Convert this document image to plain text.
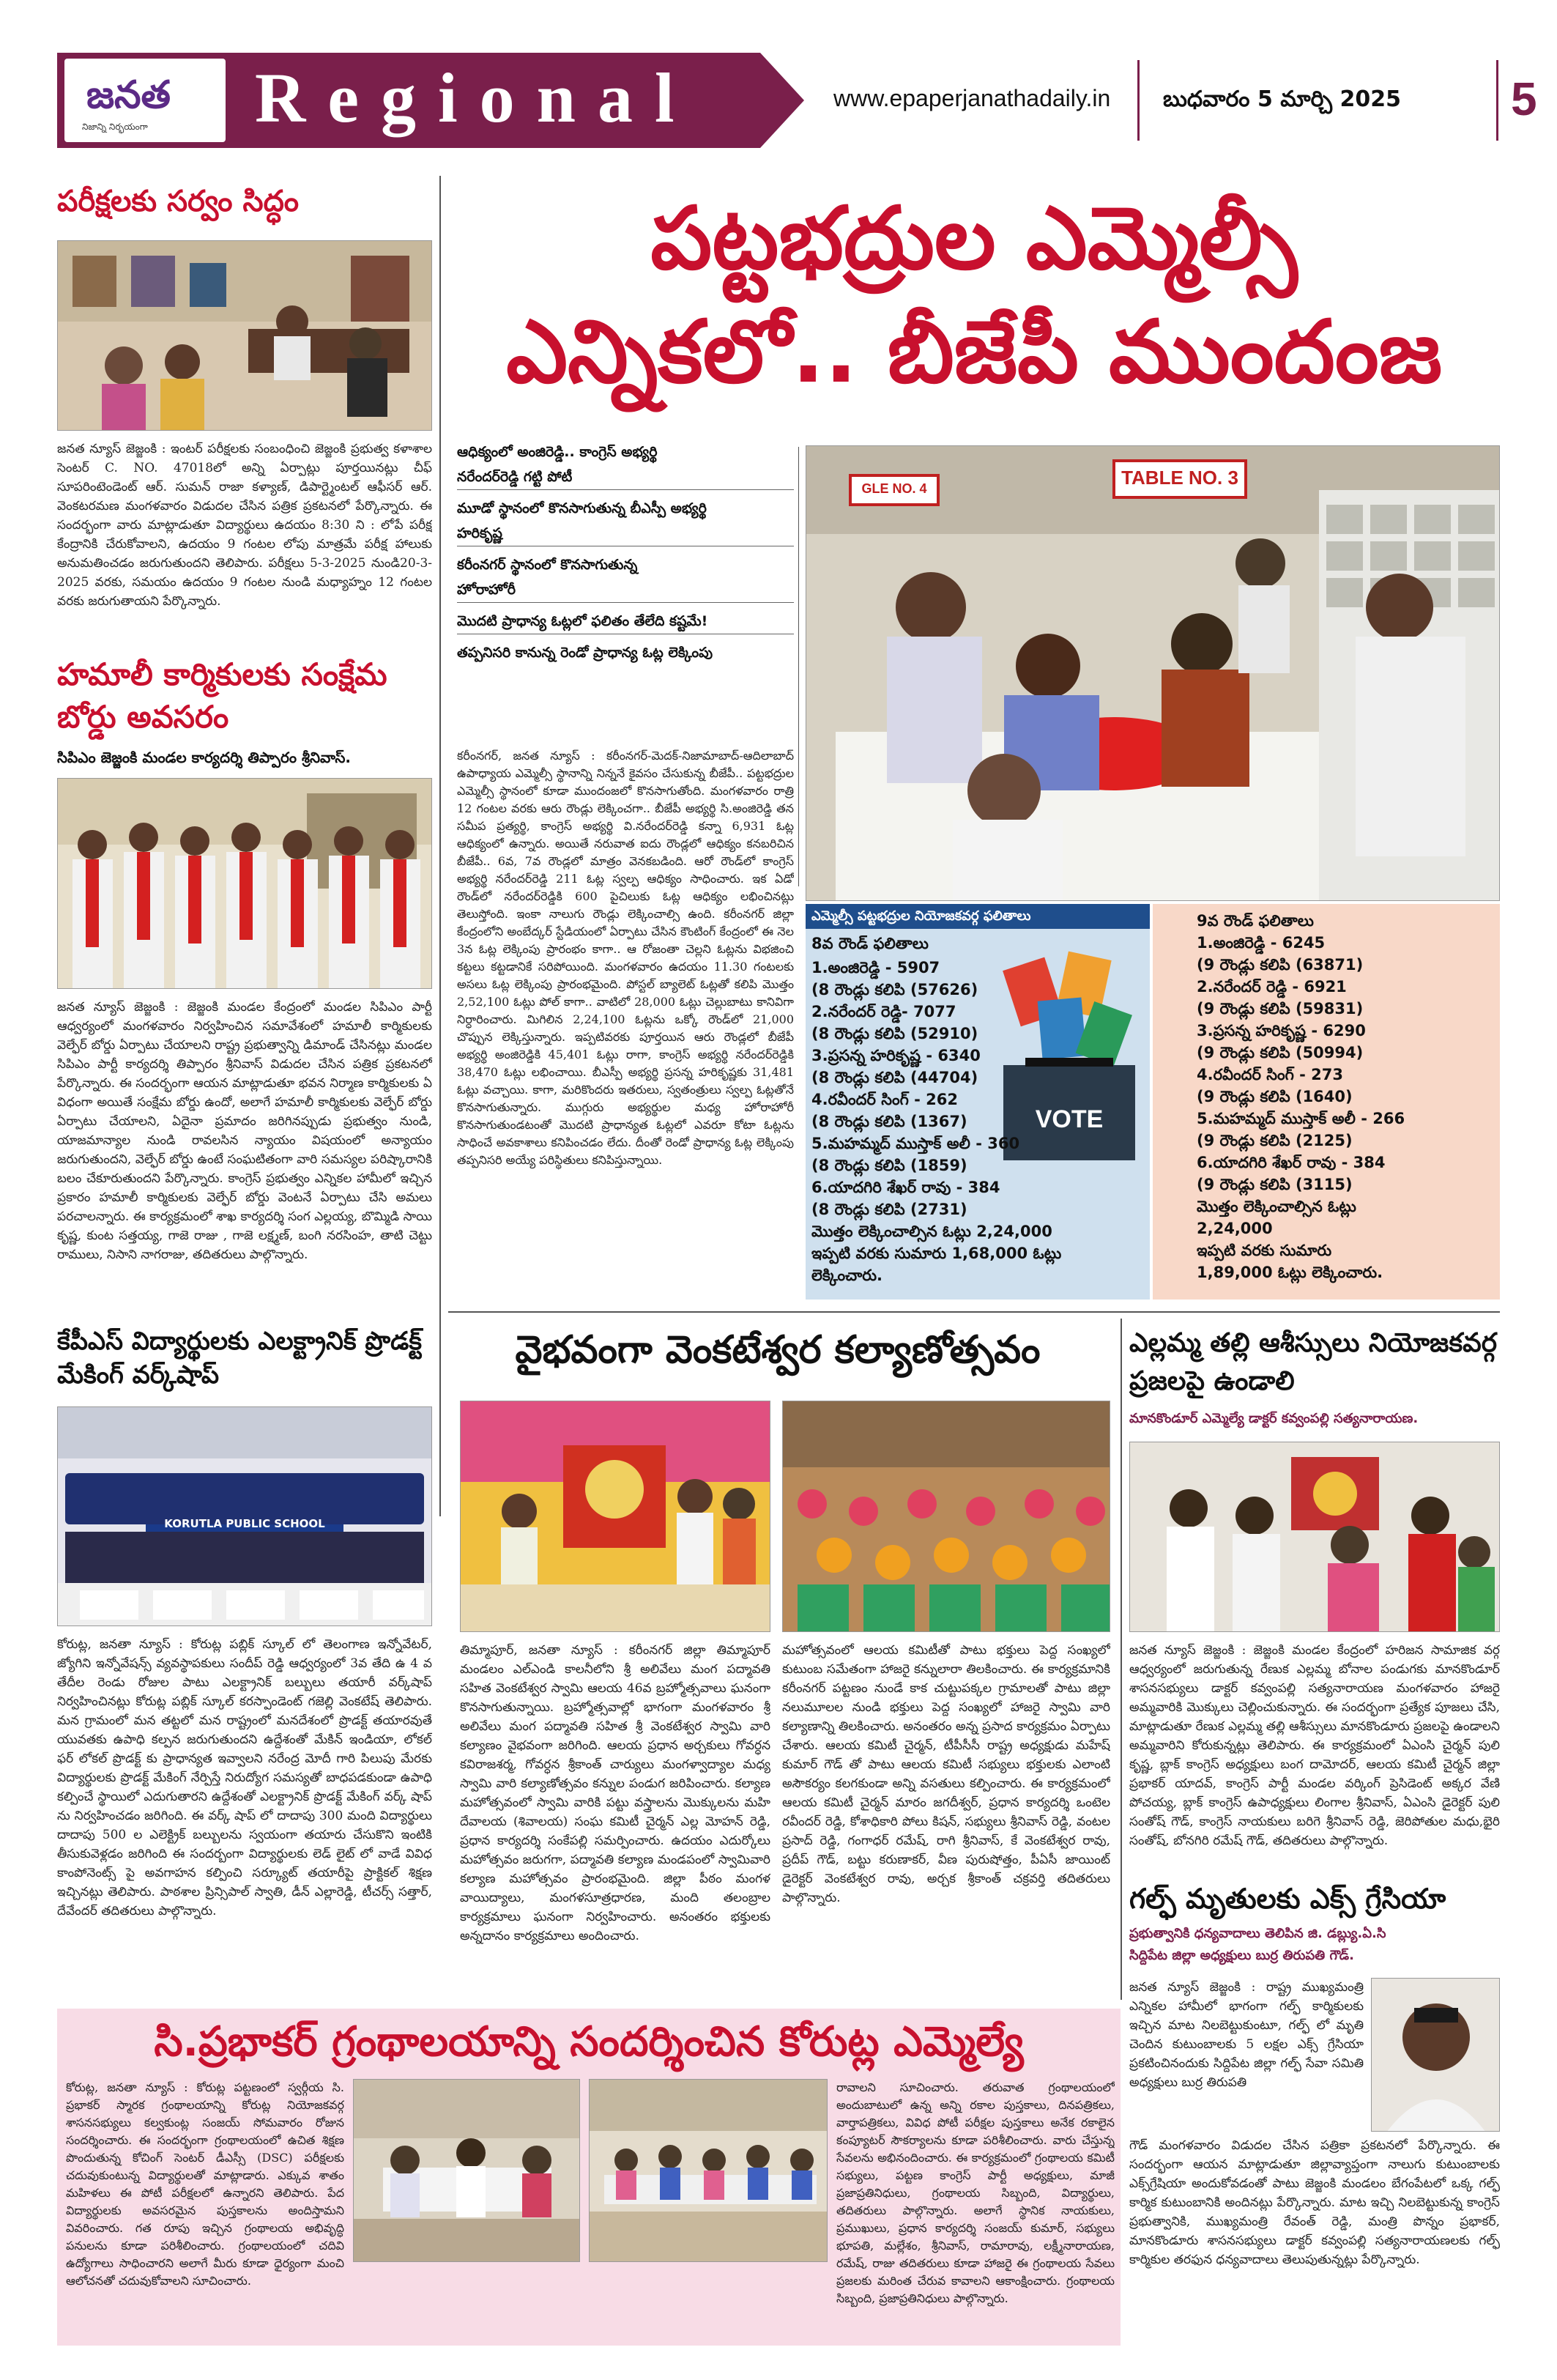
జనత
నిజాన్ని నిర్భయంగా Regional	www.epaperjanathadaily.in బుధవారం 5 మార్చి 2025 5
పరీక్షలకు సర్వం సిద్ధం
జనత న్యూస్ జెజ్జంకి : ఇంటర్ పరీక్షలకు సంబంధించి జెజ్జంకి ప్రభుత్వ కళాశాల సెంటర్ C. NO. 47018లో అన్ని ఏర్పాట్లు పూర్తయినట్లు చీఫ్ సూపరింటెండెంట్ ఆర్. సుమన్ రాజా కళ్యాణ్, డిపార్ట్మెంటల్ ఆఫీసర్ ఆర్. వెంకటరమణ మంగళవారం విడుదల చేసిన పత్రిక ప్రకటనలో పేర్కొన్నారు. ఈ సందర్భంగా వారు మాట్లాడుతూ విద్యార్థులు ఉదయం 8:30 ని : లోపే పరీక్ష కేంద్రానికి చేరుకోవాలని, ఉదయం 9 గంటల లోపు మాత్రమే పరీక్ష హాలుకు అనుమతించడం జరుగుతుందని తెలిపారు. పరీక్షలు 5-3-2025 నుండి20-3-2025 వరకు, సమయం ఉదయం 9 గంటల నుండి మధ్యాహ్నం 12 గంటల వరకు జరుగుతాయని పేర్కొన్నారు.
హమాలీ కార్మికులకు సంక్షేమ బోర్డు అవసరం
సిపిఎం జెజ్జంకి మండల కార్యదర్శి తిప్పారం శ్రీనివాస్.
జనత న్యూస్ జెజ్జంకి : జెజ్జంకి మండల కేంద్రంలో మండల సిపిఎం పార్టీ ఆధ్వర్యంలో మంగళవారం నిర్వహించిన సమావేశంలో హమాలీ కార్మికులకు వెల్ఫేర్ బోర్డు ఏర్పాటు చేయాలని రాష్ట్ర ప్రభుత్వాన్ని డిమాండ్ చేసినట్లు మండల సిపిఎం పార్టీ కార్యదర్శి తిప్పారం శ్రీనివాస్ విడుదల చేసిన పత్రిక ప్రకటనలో పేర్కొన్నారు. ఈ సందర్భంగా ఆయన మాట్లాడుతూ భవన నిర్మాణ కార్మికులకు ఏ విధంగా అయితే సంక్షేమ బోర్డు ఉందో, అలాగే హమాలీ కార్మికులకు వెల్ఫేర్ బోర్డు ఏర్పాటు చేయాలని, ఏదైనా ప్రమాదం జరిగినప్పుడు ప్రభుత్వం నుండి, యాజమాన్యాల నుండి రావలసిన న్యాయం విషయంలో అన్యాయం జరుగుతుందని, వెల్ఫేర్ బోర్డు ఉంటే సంఘటితంగా వారి సమస్యల పరిష్కారానికి బలం చేకూరుతుందని పేర్కొన్నారు. కాంగ్రెస్ ప్రభుత్వం ఎన్నికల హామీలో ఇచ్చిన ప్రకారం హమాలీ కార్మికులకు వెల్ఫేర్ బోర్డు వెంటనే ఏర్పాటు చేసి అమలు పరచాలన్నారు. ఈ కార్యక్రమంలో శాఖ కార్యదర్శి సంగ ఎల్లయ్య, బొమ్మిడి సాయి కృష్ణ, కుంట సత్తయ్య, గాజె రాజు , గాజె లక్ష్మణ్, బంగి నరసింహ, తాటి చెట్టు రాములు, నిసాని నాగరాజు, తదితరులు పాల్గొన్నారు.
కేపీఎస్ విద్యార్థులకు ఎలక్ట్రానిక్ ప్రొడక్ట్ మేకింగ్ వర్క్‌షాప్
KORUTLA PUBLIC SCHOOL
కోరుట్ల, జనతా న్యూస్ : కోరుట్ల పబ్లిక్ స్కూల్ లో తెలంగాణ ఇన్నోవేటర్, జ్యోగిని ఇన్నోవేషన్స్ వ్యవస్థాపకులు సందీప్ రెడ్డి ఆధ్వర్యంలో 3వ తేది ఉ 4 వ తేదీల రెండు రోజుల పాటు ఎలక్ట్రానిక్ బల్బులు తయారీ వర్క్‌షాప్ నిర్వహించినట్లు కోరుట్ల పబ్లిక్ స్కూల్ కరస్పాండెంట్ గజెల్లి వెంకటేష్ తెలిపారు. మన గ్రామంలో మన తట్టలో మన రాష్ట్రంలో మనదేశంలో ప్రొడక్ట్ తయారవుతే యువతకు ఉపాధి కల్పన జరుగుతుందని ఉద్దేశంతో మేకిన్ ఇండియా, లోకల్ ఫర్ లోకల్ ప్రొడక్ట్ కు ప్రాధాన్యత ఇవ్వాలని నరేంద్ర మోదీ గారి పిలుపు మేరకు విద్యార్థులకు ప్రొడక్ట్ మేకింగ్ నేర్పిస్తే నిరుద్యోగ సమస్యతో బాధపడకుండా ఉపాధి కల్పించే స్థాయిలో ఎదుగుతారని ఉద్దేశంతో ఎలక్ట్రానిక్ ప్రొడక్ట్ మేకింగ్ వర్క్ షాప్ ను నిర్వహించడం జరిగింది. ఈ వర్క్ షాప్ లో దాదాపు 300 మంది విద్యార్థులు దాదాపు 500 ల ఎలెక్ట్రిక్ బల్బులను స్వయంగా తయారు చేసుకొని ఇంటికి తీసుకువెళ్లడం జరిగింది ఈ సందర్బంగా విద్యార్థులకు లెడ్ లైట్ లో వాడే వివిధ కాంపోనెంట్స్ పై అవగాహన కల్పించి సర్క్యూట్ తయారీపై ప్రాక్టికల్ శిక్షణ ఇచ్చినట్లు తెలిపారు. పాఠశాల ప్రిన్సిపాల్ స్వాతి, డీన్ ఎల్లారెడ్డి, టీచర్స్ సత్తార్, దేవేందర్ తదితరులు పాల్గొన్నారు.
పట్టభద్రుల ఎమ్మెల్సీ
ఎన్నికలో.. బీజేపీ ముందంజ
ఆధిక్యంలో అంజిరెడ్డి.. కాంగ్రెస్ అభ్యర్థి
నరేందర్‌రెడ్డి గట్టి పోటీ
మూడో స్థానంలో కొనసాగుతున్న బీఎస్పీ అభ్యర్థి
హరికృష్ణ
కరీంనగర్ స్థానంలో కొనసాగుతున్న
హోరాహోరీ
మొదటి ప్రాధాన్య ఓట్లలో ఫలితం తేలేది కష్టమే!
తప్పనిసరి కానున్న రెండో ప్రాధాన్య ఓట్ల లెక్కింపు
కరీంనగర్, జనత న్యూస్ : కరీంనగర్-మెదక్-నిజామాబాద్-ఆదిలాబాద్ ఉపాధ్యాయ ఎమ్మెల్సీ స్థానాన్ని నిన్ననే కైవసం చేసుకున్న బీజేపీ.. పట్టభద్రుల ఎమ్మెల్సీ స్థానంలో కూడా ముందంజలో కొనసాగుతోంది. మంగళవారం రాత్రి 12 గంటల వరకు ఆరు రౌండ్లు లెక్కించగా.. బీజేపీ అభ్యర్థి సి.అంజిరెడ్డి తన సమీప ప్రత్యర్థి, కాంగ్రెస్ అభ్యర్థి వి.నరేందర్‌రెడ్డి కన్నా 6,931 ఓట్ల ఆధిక్యంలో ఉన్నారు. అయితే నరువాత ఐదు రౌండ్లలో ఆధిక్యం కనబరిచిన బీజేపీ.. 6వ, 7వ రౌండ్లలో మాత్రం వెనకబడింది. ఆరో రౌండ్‌లో కాంగ్రెస్ అభ్యర్థి నరేందర్‌రెడ్డి 211 ఓట్ల స్వల్ప ఆధిక్యం సాధించారు. ఇక ఏడో రౌండ్‌లో నరేందర్‌రెడ్డికి 600 పైచిలుకు ఓట్ల ఆధిక్యం లభించినట్లు తెలుస్తోంది. ఇంకా నాలుగు రౌండ్లు లెక్కించాల్సి ఉంది. కరీంనగర్ జిల్లా కేంద్రంలోని అంబేద్కర్ స్టేడియంలో ఏర్పాటు చేసిన కౌంటింగ్ కేంద్రంలో ఈ నెల 3న ఓట్ల లెక్కింపు ప్రారంభం కాగా.. ఆ రోజంతా చెల్లని ఓట్లను విభజించి కట్టలు కట్టడానికే సరిపోయింది. మంగళవారం ఉదయం 11.30 గంటలకు అసలు ఓట్ల లెక్కింపు ప్రారంభమైంది. పోస్టల్ బ్యాలెట్ ఓట్లతో కలిపి మొత్తం 2,52,100 ఓట్లు పోల్ కాగా.. వాటిలో 28,000 ఓట్లు చెల్లుబాటు కానివిగా నిర్ధారించారు. మిగిలిన 2,24,100 ఓట్లను ఒక్కో రౌండ్‌లో 21,000 చొప్పున లెక్కిస్తున్నారు. ఇప్పటివరకు పూర్తయిన ఆరు రౌండ్లలో బీజేపీ అభ్యర్థి అంజిరెడ్డికి 45,401 ఓట్లు రాగా, కాంగ్రెస్ అభ్యర్థి నరేందర్‌రెడ్డికి 38,470 ఓట్లు లభించాయి. బీఎస్పీ అభ్యర్థి ప్రసన్న హరికృష్ణకు 31,481 ఓట్లు వచ్చాయి. కాగా, మరికొందరు ఇతరులు, స్వతంత్రులు స్వల్ప ఓట్లతోనే కొనసాగుతున్నారు. ముగ్గురు అభ్యర్థుల మధ్య హోరాహోరీ కొనసాగుతుండటంతో మొదటి ప్రాధాన్యత ఓట్లలో ఎవరూ కోటా ఓట్లను సాధించే అవకాశాలు కనిపించడం లేదు. దీంతో రెండో ప్రాధాన్య ఓట్ల లెక్కింపు తప్పనిసరి అయ్యే పరిస్థితులు కనిపిస్తున్నాయి.
TABLE NO. 3
GLE NO. 4
ఎమ్మెల్సీ పట్టభద్రుల నియోజకవర్గ ఫలితాలు
8వ రౌండ్ ఫలితాలు
VOTE
1.అంజిరెడ్డి - 5907
(8 రౌండ్లు కలిపి (57626)
2.నరేందర్ రెడ్డి- 7077
(8 రౌండ్లు కలిపి (52910)
3.ప్రసన్న హరికృష్ణ - 6340
(8 రౌండ్లు కలిపి (44704)
4.రవీందర్ సింగ్ - 262
(8 రౌండ్లు కలిపి (1367)
5.మహమ్మద్ ముస్తాక్ అలీ - 360
(8 రౌండ్లు కలిపి (1859)
6.యాదగిరి శేఖర్ రావు - 384
(8 రౌండ్లు కలిపి (2731)
మొత్తం లెక్కించాల్సిన ఓట్లు 2,24,000
ఇప్పటి వరకు సుమారు 1,68,000 ఓట్లు
లెక్కించారు.
9వ రౌండ్ ఫలితాలు
1.అంజిరెడ్డి - 6245
(9 రౌండ్లు కలిపి (63871)
2.నరేందర్ రెడ్డి - 6921
(9 రౌండ్లు కలిపి (59831)
3.ప్రసన్న హరికృష్ణ - 6290
(9 రౌండ్లు కలిపి (50994)
4.రవీందర్ సింగ్ - 273
(9 రౌండ్లు కలిపి (1640)
5.మహమ్మద్ ముస్తాక్ అలీ - 266
(9 రౌండ్లు కలిపి (2125)
6.యాదగిరి శేఖర్ రావు - 384
(9 రౌండ్లు కలిపి (3115)
మొత్తం లెక్కించాల్సిన ఓట్లు
2,24,000
ఇప్పటి వరకు సుమారు
1,89,000 ఓట్లు లెక్కించారు.
వైభవంగా వెంకటేశ్వర కల్యాణోత్సవం
తిమ్మాపూర్, జనతా న్యూస్ : కరీంనగర్ జిల్లా తిమ్మాపూర్ మండలం ఎల్ఎండి కాలనీలోని శ్రీ అలివేలు మంగ పద్మావతి సహిత వెంకటేశ్వర స్వామి ఆలయ 46వ బ్రహ్మోత్సవాలు ఘనంగా కొనసాగుతున్నాయి. బ్రహ్మోత్సవాల్లో భాగంగా మంగళవారం శ్రీ అలివేలు మంగ పద్మావతి సహిత శ్రీ వెంకటేశ్వర స్వామి వారి కల్యాణం వైభవంగా జరిగింది. ఆలయ ప్రధాన అర్చకులు గోవర్ధన కవిరాజశర్మ, గోవర్ధన శ్రీకాంత్ చార్యులు మంగళ్వాద్యాల మధ్య స్వామి వారి కల్యాణోత్సవం కన్నుల పండుగ జరిపించారు. కల్యాణ మహోత్సవంలో స్వామి వారికి పట్టు వస్త్రాలను మొక్కులను మహి దేవాలయ (శివాలయ) సంఘ కమిటీ చైర్మన్ ఎల్ల మోహన్ రెడ్డి, ప్రధాన కార్యదర్శి సంకేపల్లి సమర్పించారు. ఉదయం ఎదుర్కోలు మహోత్సవం జరుగగా, పద్మావతి కల్యాణ మండపంలో స్వామివారి కల్యాణ మహోత్సవం ప్రారంభమైంది. జిల్లా పీఠం మంగళ వాయిద్యాలు, మంగళసూత్రధారణ, మంది తలంబ్రాల కార్యక్రమాలు ఘనంగా నిర్వహించారు. అనంతరం భక్తులకు అన్నదానం కార్యక్రమాలు అందించారు.
మహోత్సవంలో ఆలయ కమిటీతో పాటు భక్తులు పెద్ద సంఖ్యలో కుటుంబ సమేతంగా హాజరై కన్నులారా తిలకించారు. ఈ కార్యక్రమానికి కరీంనగర్ పట్టణం నుండే కాక చుట్టుపక్కల గ్రామాలతో పాటు జిల్లా నలుమూలల నుండి భక్తులు పెద్ద సంఖ్యలో హాజరై స్వామి వారి కల్యాణాన్ని తిలకించారు. అనంతరం అన్న ప్రసాద కార్యక్రమం ఏర్పాటు చేశారు. ఆలయ కమిటీ చైర్మన్, టీపీసీసీ రాష్ట్ర అధ్యక్షుడు మహేష్ కుమార్ గౌడ్ తో పాటు ఆలయ కమిటీ సభ్యులు భక్తులకు ఎలాంటి అసౌకర్యం కలగకుండా అన్ని వసతులు కల్పించారు. ఈ కార్యక్రమంలో ఆలయ కమిటీ చైర్మన్ మారం జగదీశ్వర్, ప్రధాన కార్యదర్శి ఒంటెల రవీందర్ రెడ్డి, కోశాధికారి పోలు కిషన్, సభ్యులు శ్రీనివాస్ రెడ్డి, వంటల ప్రసాద్ రెడ్డి, గంగాధర్ రమేష్, రాగి శ్రీనివాస్, కే వెంకటేశ్వర రావు, ప్రదీప్ గౌడ్, బట్టు కరుణాకర్, వీణ పురుషోత్తం, పీఏసీ జాయింట్ డైరెక్టర్ వెంకటేశ్వర రావు, అర్చక శ్రీకాంత్ చక్రవర్తి తదితరులు పాల్గొన్నారు.
ఎల్లమ్మ తల్లి ఆశీస్సులు నియోజకవర్గ ప్రజలపై ఉండాలి
మానకొండూర్ ఎమ్మెల్యే డాక్టర్ కవ్వంపల్లి సత్యనారాయణ.
జనత న్యూస్ జెజ్జంకి : జెజ్జంకి మండల కేంద్రంలో హరిజన సామాజిక వర్గ ఆధ్వర్యంలో జరుగుతున్న రేణుక ఎల్లమ్మ బోనాల పండుగకు మానకొండూర్ శాసనసభ్యులు డాక్టర్ కవ్వంపల్లి సత్యనారాయణ మంగళవారం హాజరై అమ్మవారికి మొక్కులు చెల్లించుకున్నారు. ఈ సందర్భంగా ప్రత్యేక పూజలు చేసి, మాట్లాడుతూ రేణుక ఎల్లమ్మ తల్లి ఆశీస్సులు మానకొండూరు ప్రజలపై ఉండాలని అమ్మవారిని కోరుకున్నట్లు తెలిపారు. ఈ కార్యక్రమంలో ఏఎంసి చైర్మన్ పులి కృష్ణ, బ్లాక్ కాంగ్రెస్ అధ్యక్షులు బంగ దామోదర్, ఆలయ కమిటీ చైర్మన్ జిల్లా ప్రభాకర్ యాదవ్, కాంగ్రెస్ పార్టీ మండల వర్కింగ్ ప్రెసిడెంట్ అక్కర వేణి పోచయ్య, బ్లాక్ కాంగ్రెస్ ఉపాధ్యక్షులు లింగాల శ్రీనివాస్, ఏఎంసి డైరెక్టర్ పులి సంతోష్ గౌడ్, కాంగ్రెస్ నాయకులు బరిగె శ్రీనివాస్ రెడ్డి, జెరిపోతుల మధు,భైరి సంతోష్, బోనగిరి రమేష్ గౌడ్, తదితరులు పాల్గొన్నారు.
గల్ఫ్ మృతులకు ఎక్స్ గ్రేసియా
ప్రభుత్వానికి ధన్యవాదాలు తెలిపిన జి. డబ్ల్యు.ఏ.సి
సిద్దిపేట జిల్లా అధ్యక్షులు బుర్ర తిరుపతి గౌడ్.
సి.ప్రభాకర్ గ్రంథాలయాన్ని సందర్శించిన కోరుట్ల ఎమ్మెల్యే
కోరుట్ల, జనతా న్యూస్ : కోరుట్ల పట్టణంలో స్వర్గీయ సి. ప్రభాకర్ స్మారక గ్రంథాలయాన్ని కోరుట్ల నియోజకవర్గ శాసనసభ్యులు కల్వకుంట్ల సంజయ్ సోమవారం రోజున సందర్శించారు. ఈ సందర్భంగా గ్రంథాలయంలో ఉచిత శిక్షణ పొందుతున్న కోచింగ్ సెంటర్ డీఎస్సీ (DSC) పరీక్షలకు చదువుకుంటున్న విద్యార్థులతో మాట్లాడారు. ఎక్కువ శాతం మహిళలు ఈ పోటీ పరీక్షలలో ఉన్నారని తెలిపారు. పేద విద్యార్థులకు అవసరమైన పుస్తకాలను అందిస్తామని వివరించారు. గత రూపు ఇచ్చిన గ్రంథాలయ అభివృద్ధి పనులను కూడా పరిశీలించారు. గ్రంథాలయంలో చదివి ఉద్యోగాలు సాధించారని అలాగే మీరు కూడా ధైర్యంగా మంచి ఆలోచనతో చదువుకోవాలని సూచించారు.
రావాలని సూచించారు. తరువాత గ్రంథాలయంలో అందుబాటులో ఉన్న అన్ని రకాల పుస్తకాలు, దినపత్రికలు, వార్తాపత్రికలు, వివిధ పోటీ పరీక్షల పుస్తకాలు అనేక రకాలైన కంప్యూటర్ సౌకర్యాలను కూడా పరిశీలించారు. వారు చేస్తున్న సేవలను అభినందించారు. ఈ కార్యక్రమంలో గ్రంథాలయ కమిటీ సభ్యులు, పట్టణ కాంగ్రెస్ పార్టీ అధ్యక్షులు, మాజీ ప్రజాప్రతినిధులు, గ్రంథాలయ సిబ్బంది, విద్యార్థులు, తదితరులు పాల్గొన్నారు. అలాగే స్థానిక నాయకులు, ప్రముఖులు, ప్రధాన కార్యదర్శి సంజయ్ కుమార్, సభ్యులు భూపతి, మల్లేశం, శ్రీనివాస్, రామారావు, లక్ష్మీనారాయణ, రమేష్, రాజు తదితరులు కూడా హాజరై ఈ గ్రంథాలయ సేవలు ప్రజలకు మరింత చేరువ కావాలని ఆకాంక్షించారు. గ్రంథాలయ సిబ్బంది, ప్రజాప్రతినిధులు పాల్గొన్నారు.
జనత న్యూస్ జెజ్జంకి : రాష్ట్ర ముఖ్యమంత్రి ఎన్నికల హామీలో భాగంగా గల్ఫ్ కార్మికులకు ఇచ్చిన మాట నిలబెట్టుకుంటూ, గల్ఫ్ లో మృతి చెందిన కుటుంబాలకు 5 లక్షల ఎక్స్ గ్రేసియా ప్రకటించినందుకు సిద్దిపేట జిల్లా గల్ఫ్ సేవా సమితి అధ్యక్షులు బుర్ర తిరుపతి
గౌడ్ మంగళవారం విడుదల చేసిన పత్రికా ప్రకటనలో పేర్కొన్నారు. ఈ సందర్భంగా ఆయన మాట్లాడుతూ జిల్లావ్యాప్తంగా నాలుగు కుటుంబాలకు ఎక్స్‌గ్రేషియా అందుకోవడంతో పాటు జెజ్జంకి మండలం బేగంపేటలో ఒక్క గల్ఫ్ కార్మిక కుటుంబానికి అందినట్లు పేర్కొన్నారు. మాట ఇచ్చి నిలబెట్టుకున్న కాంగ్రెస్ ప్రభుత్వానికి, ముఖ్యమంత్రి రేవంత్ రెడ్డి, మంత్రి పొన్నం ప్రభాకర్, మానకొండూరు శాసనసభ్యులు డాక్టర్ కవ్వంపల్లి సత్యనారాయణలకు గల్ఫ్ కార్మికుల తరఫున ధన్యవాదాలు తెలుపుతున్నట్లు పేర్కొన్నారు.
